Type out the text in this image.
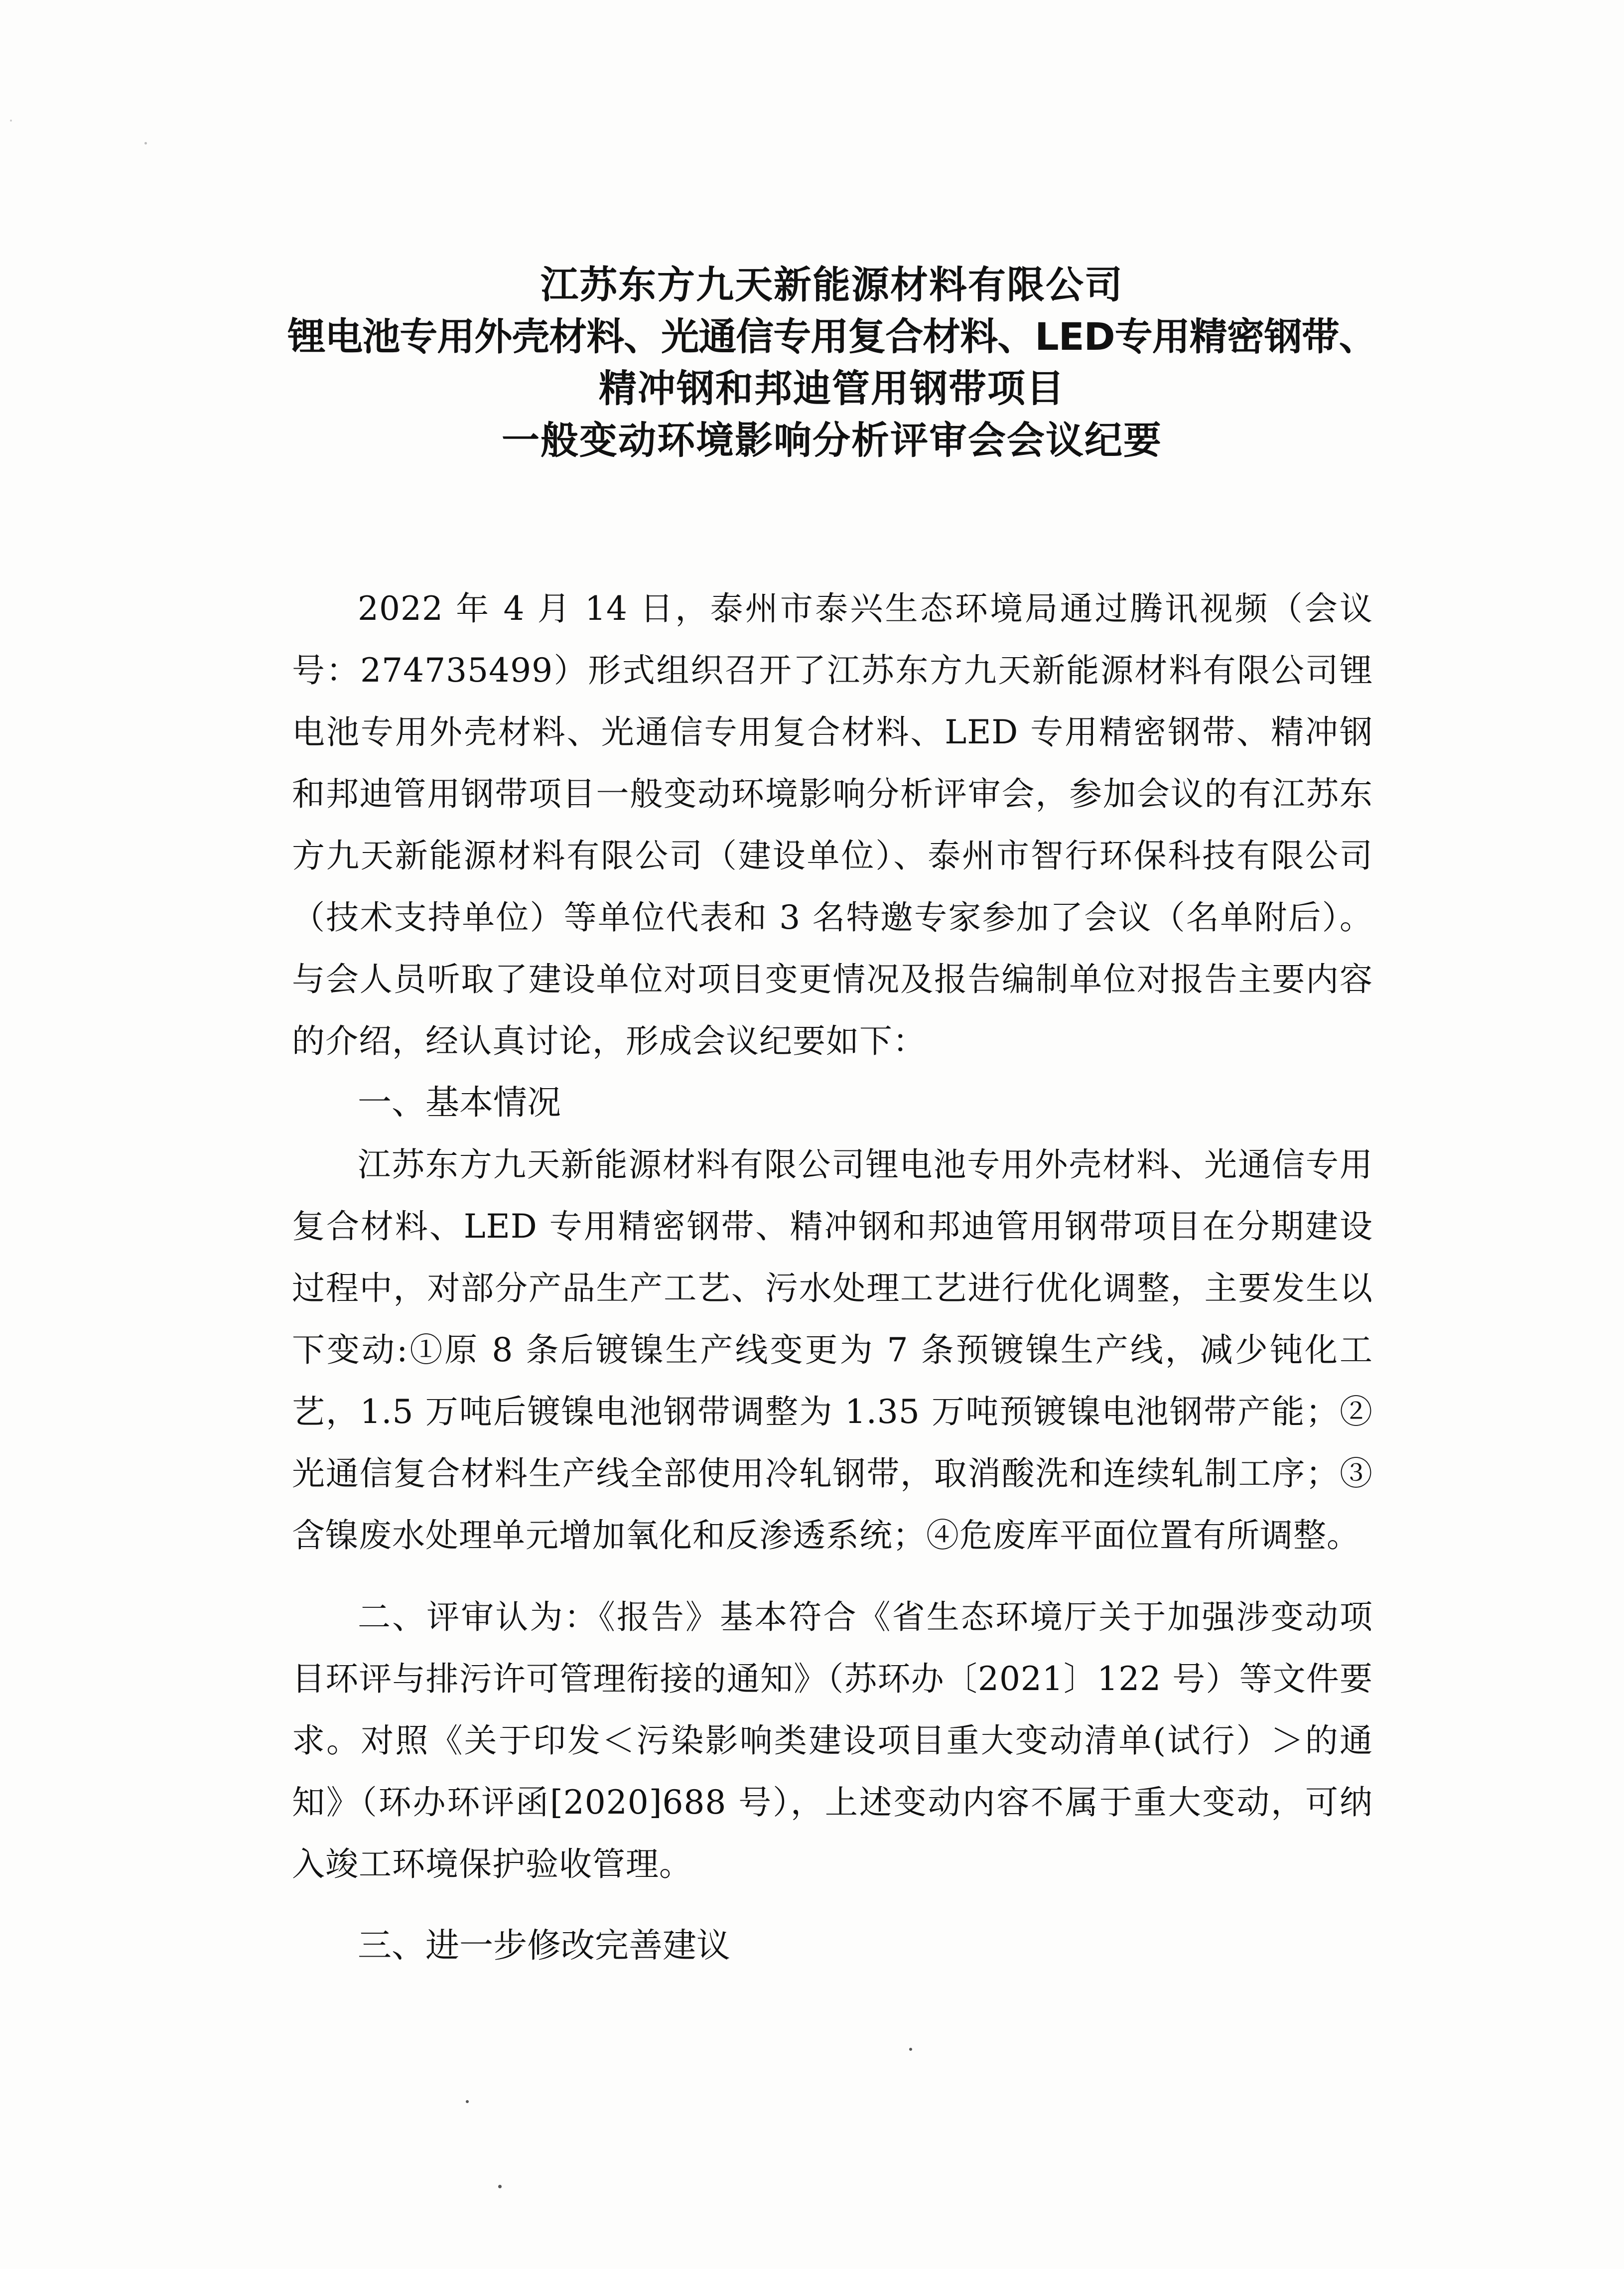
江苏东方九天新能源材料有限公司
锂电池专用外壳材料、光通信专用复合材料、LED专用精密钢带、
精冲钢和邦迪管用钢带项目
一般变动环境影响分析评审会会议纪要

2022 年 4 月 14 日，泰州市泰兴生态环境局通过腾讯视频（会议号：274735499）形式组织召开了江苏东方九天新能源材料有限公司锂电池专用外壳材料、光通信专用复合材料、LED 专用精密钢带、精冲钢和邦迪管用钢带项目一般变动环境影响分析评审会，参加会议的有江苏东方九天新能源材料有限公司（建设单位）、泰州市智行环保科技有限公司（技术支持单位）等单位代表和 3 名特邀专家参加了会议（名单附后）。与会人员听取了建设单位对项目变更情况及报告编制单位对报告主要内容的介绍，经认真讨论，形成会议纪要如下：

一、基本情况

江苏东方九天新能源材料有限公司锂电池专用外壳材料、光通信专用复合材料、LED 专用精密钢带、精冲钢和邦迪管用钢带项目在分期建设过程中，对部分产品生产工艺、污水处理工艺进行优化调整，主要发生以下变动:①原 8 条后镀镍生产线变更为 7 条预镀镍生产线，减少钝化工艺，1.5 万吨后镀镍电池钢带调整为 1.35 万吨预镀镍电池钢带产能；②光通信复合材料生产线全部使用冷轧钢带，取消酸洗和连续轧制工序；③含镍废水处理单元增加氧化和反渗透系统；④危废库平面位置有所调整。

二、评审认为：《报告》基本符合《省生态环境厅关于加强涉变动项目环评与排污许可管理衔接的通知》（苏环办〔2021〕122 号）等文件要求。对照《关于印发＜污染影响类建设项目重大变动清单(试行）＞的通知》（环办环评函[2020]688 号），上述变动内容不属于重大变动，可纳入竣工环境保护验收管理。

三、进一步修改完善建议
